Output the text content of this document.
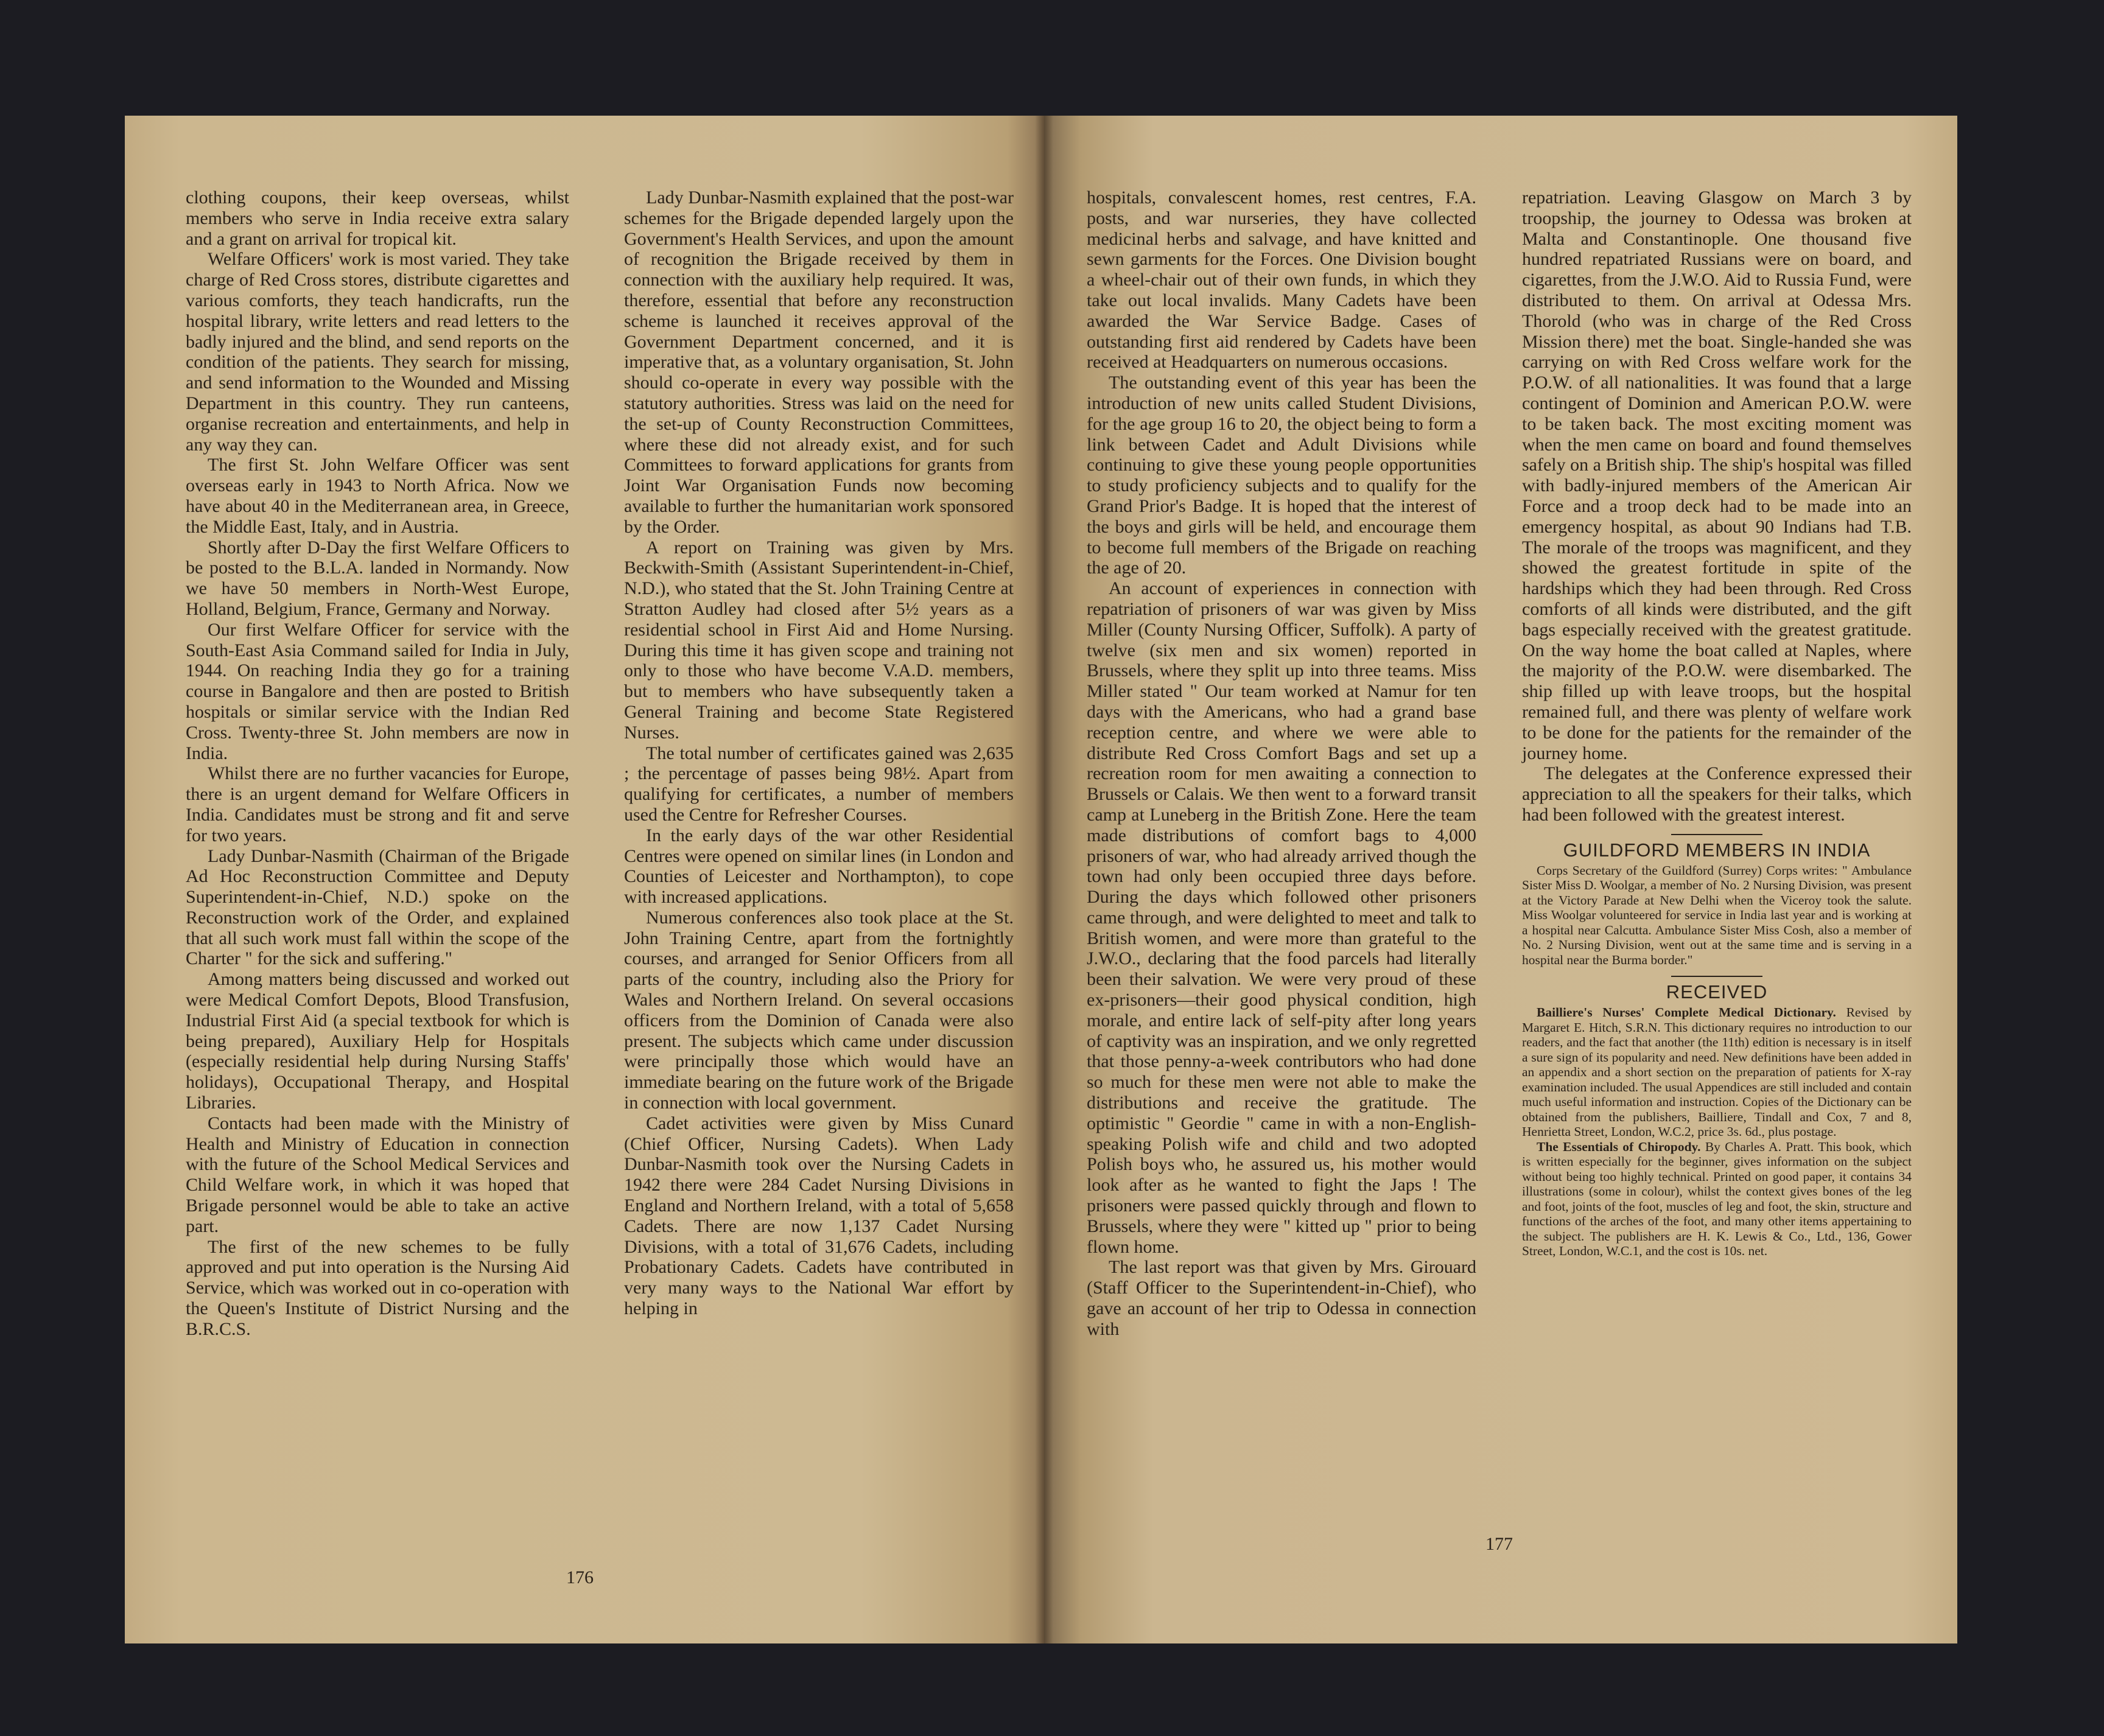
clothing coupons, their keep overseas, whilst members who serve in India receive extra salary and a grant on arrival for tropical kit.

Welfare Officers' work is most varied. They take charge of Red Cross stores, distribute cigarettes and various comforts, they teach handicrafts, run the hospital library, write letters and read letters to the badly injured and the blind, and send reports on the condition of the patients. They search for missing, and send information to the Wounded and Missing Department in this country. They run canteens, organise recreation and entertainments, and help in any way they can.

The first St. John Welfare Officer was sent overseas early in 1943 to North Africa. Now we have about 40 in the Mediterranean area, in Greece, the Middle East, Italy, and in Austria.

Shortly after D-Day the first Welfare Officers to be posted to the B.L.A. landed in Normandy. Now we have 50 members in North-West Europe, Holland, Belgium, France, Germany and Norway.

Our first Welfare Officer for service with the South-East Asia Command sailed for India in July, 1944. On reaching India they go for a training course in Bangalore and then are posted to British hospitals or similar service with the Indian Red Cross. Twenty-three St. John members are now in India.

Whilst there are no further vacancies for Europe, there is an urgent demand for Welfare Officers in India. Candidates must be strong and fit and serve for two years.

Lady Dunbar-Nasmith (Chairman of the Brigade Ad Hoc Reconstruction Committee and Deputy Superintendent-in-Chief, N.D.) spoke on the Reconstruction work of the Order, and explained that all such work must fall within the scope of the Charter " for the sick and suffering."

Among matters being discussed and worked out were Medical Comfort Depots, Blood Transfusion, Industrial First Aid (a special textbook for which is being prepared), Auxiliary Help for Hospitals (especially residential help during Nursing Staffs' holidays), Occupational Therapy, and Hospital Libraries.

Contacts had been made with the Ministry of Health and Ministry of Education in connection with the future of the School Medical Services and Child Welfare work, in which it was hoped that Brigade personnel would be able to take an active part.

The first of the new schemes to be fully approved and put into operation is the Nursing Aid Service, which was worked out in co-operation with the Queen's Institute of District Nursing and the B.R.C.S.

Lady Dunbar-Nasmith explained that the post-war schemes for the Brigade depended largely upon the Government's Health Services, and upon the amount of recognition the Brigade received by them in connection with the auxiliary help required. It was, therefore, essential that before any reconstruction scheme is launched it receives approval of the Government Department concerned, and it is imperative that, as a voluntary organisation, St. John should co-operate in every way possible with the statutory authorities. Stress was laid on the need for the set-up of County Reconstruction Committees, where these did not already exist, and for such Committees to forward applications for grants from Joint War Organisation Funds now becoming available to further the humanitarian work sponsored by the Order.

A report on Training was given by Mrs. Beckwith-Smith (Assistant Superintendent-in-Chief, N.D.), who stated that the St. John Training Centre at Stratton Audley had closed after 5½ years as a residential school in First Aid and Home Nursing. During this time it has given scope and training not only to those who have become V.A.D. members, but to members who have subsequently taken a General Training and become State Registered Nurses.

The total number of certificates gained was 2,635 ; the percentage of passes being 98½. Apart from qualifying for certificates, a number of members used the Centre for Refresher Courses.

In the early days of the war other Residential Centres were opened on similar lines (in London and Counties of Leicester and Northampton), to cope with increased applications.

Numerous conferences also took place at the St. John Training Centre, apart from the fortnightly courses, and arranged for Senior Officers from all parts of the country, including also the Priory for Wales and Northern Ireland. On several occasions officers from the Dominion of Canada were also present. The subjects which came under discussion were principally those which would have an immediate bearing on the future work of the Brigade in connection with local government.

Cadet activities were given by Miss Cunard (Chief Officer, Nursing Cadets). When Lady Dunbar-Nasmith took over the Nursing Cadets in 1942 there were 284 Cadet Nursing Divisions in England and Northern Ireland, with a total of 5,658 Cadets. There are now 1,137 Cadet Nursing Divisions, with a total of 31,676 Cadets, including Probationary Cadets. Cadets have contributed in very many ways to the National War effort by helping in

176

hospitals, convalescent homes, rest centres, F.A. posts, and war nurseries, they have collected medicinal herbs and salvage, and have knitted and sewn garments for the Forces. One Division bought a wheel-chair out of their own funds, in which they take out local invalids. Many Cadets have been awarded the War Service Badge. Cases of outstanding first aid rendered by Cadets have been received at Headquarters on numerous occasions.

The outstanding event of this year has been the introduction of new units called Student Divisions, for the age group 16 to 20, the object being to form a link between Cadet and Adult Divisions while continuing to give these young people opportunities to study proficiency subjects and to qualify for the Grand Prior's Badge. It is hoped that the interest of the boys and girls will be held, and encourage them to become full members of the Brigade on reaching the age of 20.

An account of experiences in connection with repatriation of prisoners of war was given by Miss Miller (County Nursing Officer, Suffolk). A party of twelve (six men and six women) reported in Brussels, where they split up into three teams. Miss Miller stated " Our team worked at Namur for ten days with the Americans, who had a grand base reception centre, and where we were able to distribute Red Cross Comfort Bags and set up a recreation room for men awaiting a connection to Brussels or Calais. We then went to a forward transit camp at Luneberg in the British Zone. Here the team made distributions of comfort bags to 4,000 prisoners of war, who had already arrived though the town had only been occupied three days before. During the days which followed other prisoners came through, and were delighted to meet and talk to British women, and were more than grateful to the J.W.O., declaring that the food parcels had literally been their salvation. We were very proud of these ex-prisoners—their good physical condition, high morale, and entire lack of self-pity after long years of captivity was an inspiration, and we only regretted that those penny-a-week contributors who had done so much for these men were not able to make the distributions and receive the gratitude. The optimistic " Geordie " came in with a non-English-speaking Polish wife and child and two adopted Polish boys who, he assured us, his mother would look after as he wanted to fight the Japs ! The prisoners were passed quickly through and flown to Brussels, where they were " kitted up " prior to being flown home.

The last report was that given by Mrs. Girouard (Staff Officer to the Superintendent-in-Chief), who gave an account of her trip to Odessa in connection with

repatriation. Leaving Glasgow on March 3 by troopship, the journey to Odessa was broken at Malta and Constantinople. One thousand five hundred repatriated Russians were on board, and cigarettes, from the J.W.O. Aid to Russia Fund, were distributed to them. On arrival at Odessa Mrs. Thorold (who was in charge of the Red Cross Mission there) met the boat. Single-handed she was carrying on with Red Cross welfare work for the P.O.W. of all nationalities. It was found that a large contingent of Dominion and American P.O.W. were to be taken back. The most exciting moment was when the men came on board and found themselves safely on a British ship. The ship's hospital was filled with badly-injured members of the American Air Force and a troop deck had to be made into an emergency hospital, as about 90 Indians had T.B. The morale of the troops was magnificent, and they showed the greatest fortitude in spite of the hardships which they had been through. Red Cross comforts of all kinds were distributed, and the gift bags especially received with the greatest gratitude. On the way home the boat called at Naples, where the majority of the P.O.W. were disembarked. The ship filled up with leave troops, but the hospital remained full, and there was plenty of welfare work to be done for the patients for the remainder of the journey home.

The delegates at the Conference expressed their appreciation to all the speakers for their talks, which had been followed with the greatest interest.

GUILDFORD MEMBERS IN INDIA

Corps Secretary of the Guildford (Surrey) Corps writes: " Ambulance Sister Miss D. Woolgar, a member of No. 2 Nursing Division, was present at the Victory Parade at New Delhi when the Viceroy took the salute. Miss Woolgar volunteered for service in India last year and is working at a hospital near Calcutta. Ambulance Sister Miss Cosh, also a member of No. 2 Nursing Division, went out at the same time and is serving in a hospital near the Burma border."

RECEIVED

Bailliere's Nurses' Complete Medical Dictionary. Revised by Margaret E. Hitch, S.R.N. This dictionary requires no introduction to our readers, and the fact that another (the 11th) edition is necessary is in itself a sure sign of its popularity and need. New definitions have been added in an appendix and a short section on the preparation of patients for X-ray examination included. The usual Appendices are still included and contain much useful information and instruction. Copies of the Dictionary can be obtained from the publishers, Bailliere, Tindall and Cox, 7 and 8, Henrietta Street, London, W.C.2, price 3s. 6d., plus postage.

The Essentials of Chiropody. By Charles A. Pratt. This book, which is written especially for the beginner, gives information on the subject without being too highly technical. Printed on good paper, it contains 34 illustrations (some in colour), whilst the context gives bones of the leg and foot, joints of the foot, muscles of leg and foot, the skin, structure and functions of the arches of the foot, and many other items appertaining to the subject. The publishers are H. K. Lewis & Co., Ltd., 136, Gower Street, London, W.C.1, and the cost is 10s. net.

177
